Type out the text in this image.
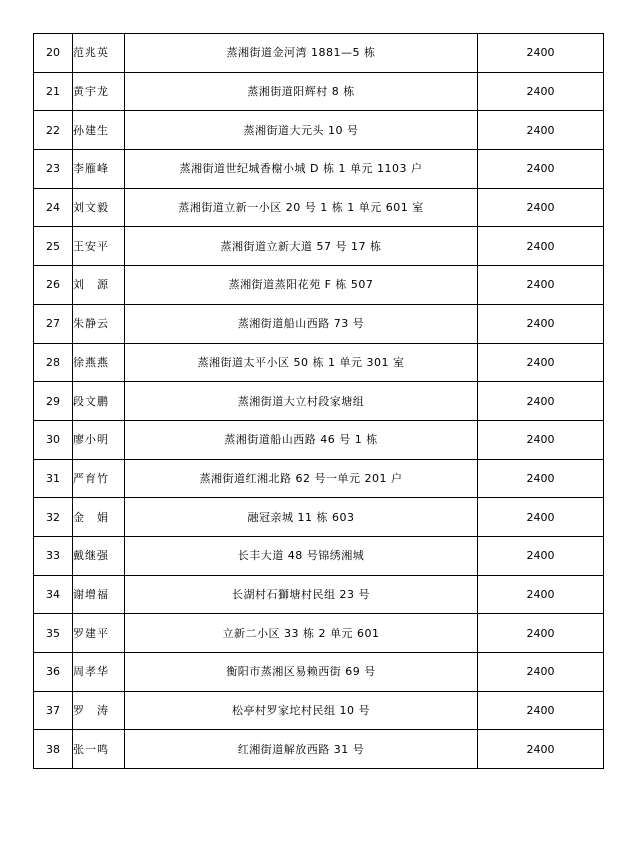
20	范兆英	蒸湘街道金河湾 1881—5 栋	2400
21	黄宇龙	蒸湘街道阳辉村 8 栋	2400
22	孙建生	蒸湘街道大元头 10 号	2400
23	李雁峰	蒸湘街道世纪城香榭小城 D 栋 1 单元 1103 户	2400
24	刘文毅	蒸湘街道立新一小区 20 号 1 栋 1 单元 601 室	2400
25	王安平	蒸湘街道立新大道 57 号 17 栋	2400
26	刘　源	蒸湘街道蒸阳花苑 F 栋 507	2400
27	朱静云	蒸湘街道船山西路 73 号	2400
28	徐燕燕	蒸湘街道太平小区 50 栋 1 单元 301 室	2400
29	段文鹏	蒸湘街道大立村段家塘组	2400
30	廖小明	蒸湘街道船山西路 46 号 1 栋	2400
31	严育竹	蒸湘街道红湘北路 62 号一单元 201 户	2400
32	金　娟	融冠亲城 11 栋 603	2400
33	戴继强	长丰大道 48 号锦绣湘城	2400
34	谢增福	长湖村石獅塘村民组 23 号	2400
35	罗建平	立新二小区 33 栋 2 单元 601	2400
36	周孝华	衡阳市蒸湘区易赖西街 69 号	2400
37	罗　涛	松亭村罗家坨村民组 10 号	2400
38	张一鸣	红湘街道解放西路 31 号	2400
